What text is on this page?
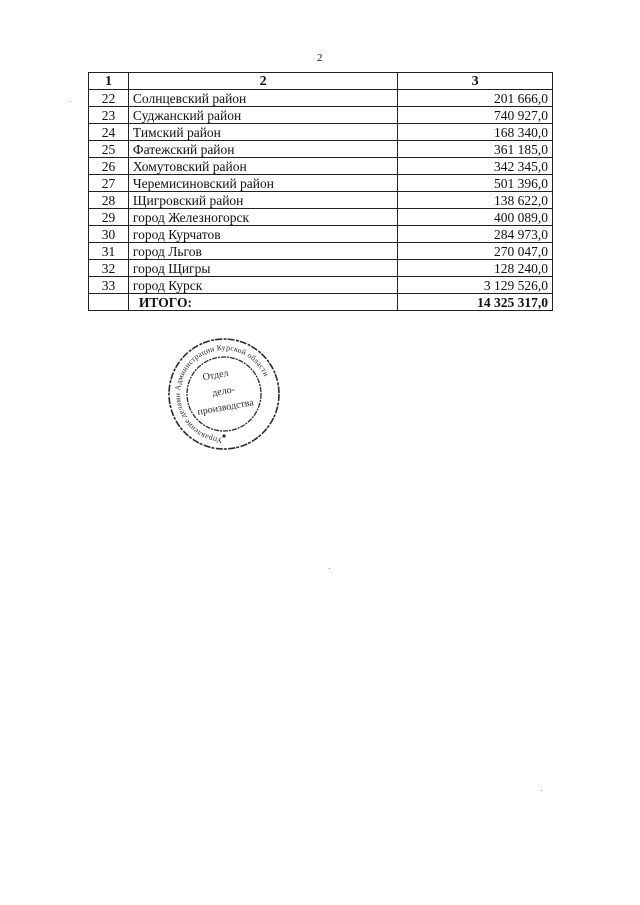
2
1	2	3
22	Солнцевский район	201 666,0
23	Суджанский район	740 927,0
24	Тимский район	168 340,0
25	Фатежский район	361 185,0
26	Хомутовский район	342 345,0
27	Черемисиновский район	501 396,0
28	Щигровский район	138 622,0
29	город Железногорск	400 089,0
30	город Курчатов	284 973,0
31	город Льгов	270 047,0
32	город Щигры	128 240,0
33	город Курск	3 129 526,0
	ИТОГО:	14 325 317,0
Управление делами Администрации Курской области
Отдел
дело-
производства
